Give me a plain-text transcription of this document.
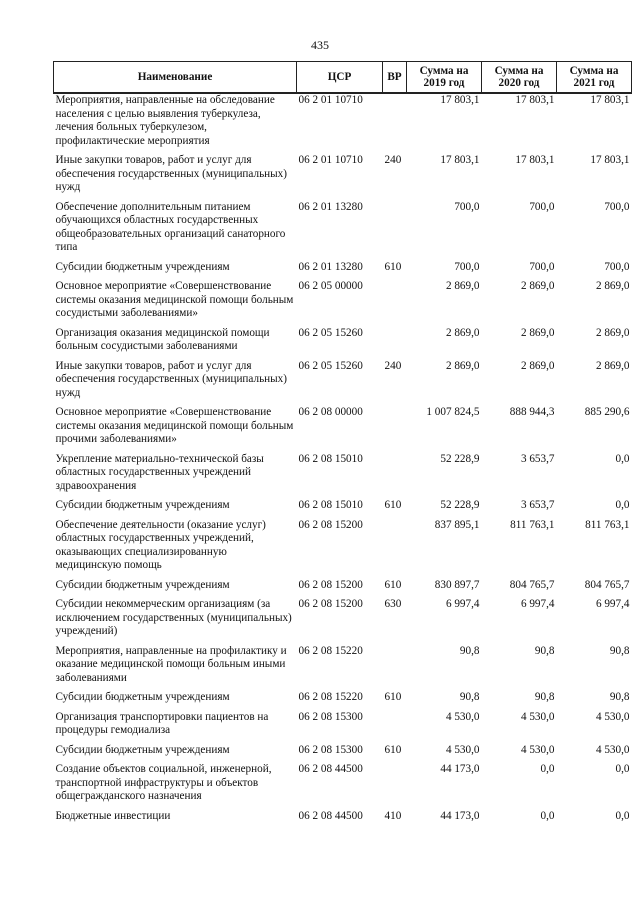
435
Наименование	ЦСР	ВР	Сумма на 2019 год	Сумма на 2020 год	Сумма на 2021 год
Мероприятия, направленные на обследование населения с целью выявления туберкулеза, лечения больных туберкулезом, профилактические мероприятия	06 2 01 10710		17 803,1	17 803,1	17 803,1
Иные закупки товаров, работ и услуг для обеспечения государственных (муниципальных) нужд	06 2 01 10710	240	17 803,1	17 803,1	17 803,1
Обеспечение дополнительным питанием обучающихся областных государственных общеобразовательных организаций санаторного типа	06 2 01 13280		700,0	700,0	700,0
Субсидии бюджетным учреждениям	06 2 01 13280	610	700,0	700,0	700,0
Основное мероприятие «Совершенствование системы оказания медицинской помощи больным сосудистыми заболеваниями»	06 2 05 00000		2 869,0	2 869,0	2 869,0
Организация оказания медицинской помощи больным сосудистыми заболеваниями	06 2 05 15260		2 869,0	2 869,0	2 869,0
Иные закупки товаров, работ и услуг для обеспечения государственных (муниципальных) нужд	06 2 05 15260	240	2 869,0	2 869,0	2 869,0
Основное мероприятие «Совершенствование системы оказания медицинской помощи больным прочими заболеваниями»	06 2 08 00000		1 007 824,5	888 944,3	885 290,6
Укрепление материально-технической базы областных государственных учреждений здравоохранения	06 2 08 15010		52 228,9	3 653,7	0,0
Субсидии бюджетным учреждениям	06 2 08 15010	610	52 228,9	3 653,7	0,0
Обеспечение деятельности (оказание услуг) областных государственных учреждений, оказывающих специализированную медицинскую помощь	06 2 08 15200		837 895,1	811 763,1	811 763,1
Субсидии бюджетным учреждениям	06 2 08 15200	610	830 897,7	804 765,7	804 765,7
Субсидии некоммерческим организациям (за исключением государственных (муниципальных) учреждений)	06 2 08 15200	630	6 997,4	6 997,4	6 997,4
Мероприятия, направленные на профилактику и оказание медицинской помощи больным иными заболеваниями	06 2 08 15220		90,8	90,8	90,8
Субсидии бюджетным учреждениям	06 2 08 15220	610	90,8	90,8	90,8
Организация транспортировки пациентов на процедуры гемодиализа	06 2 08 15300		4 530,0	4 530,0	4 530,0
Субсидии бюджетным учреждениям	06 2 08 15300	610	4 530,0	4 530,0	4 530,0
Создание объектов социальной, инженерной, транспортной инфраструктуры и объектов общегражданского назначения	06 2 08 44500		44 173,0	0,0	0,0
Бюджетные инвестиции	06 2 08 44500	410	44 173,0	0,0	0,0
